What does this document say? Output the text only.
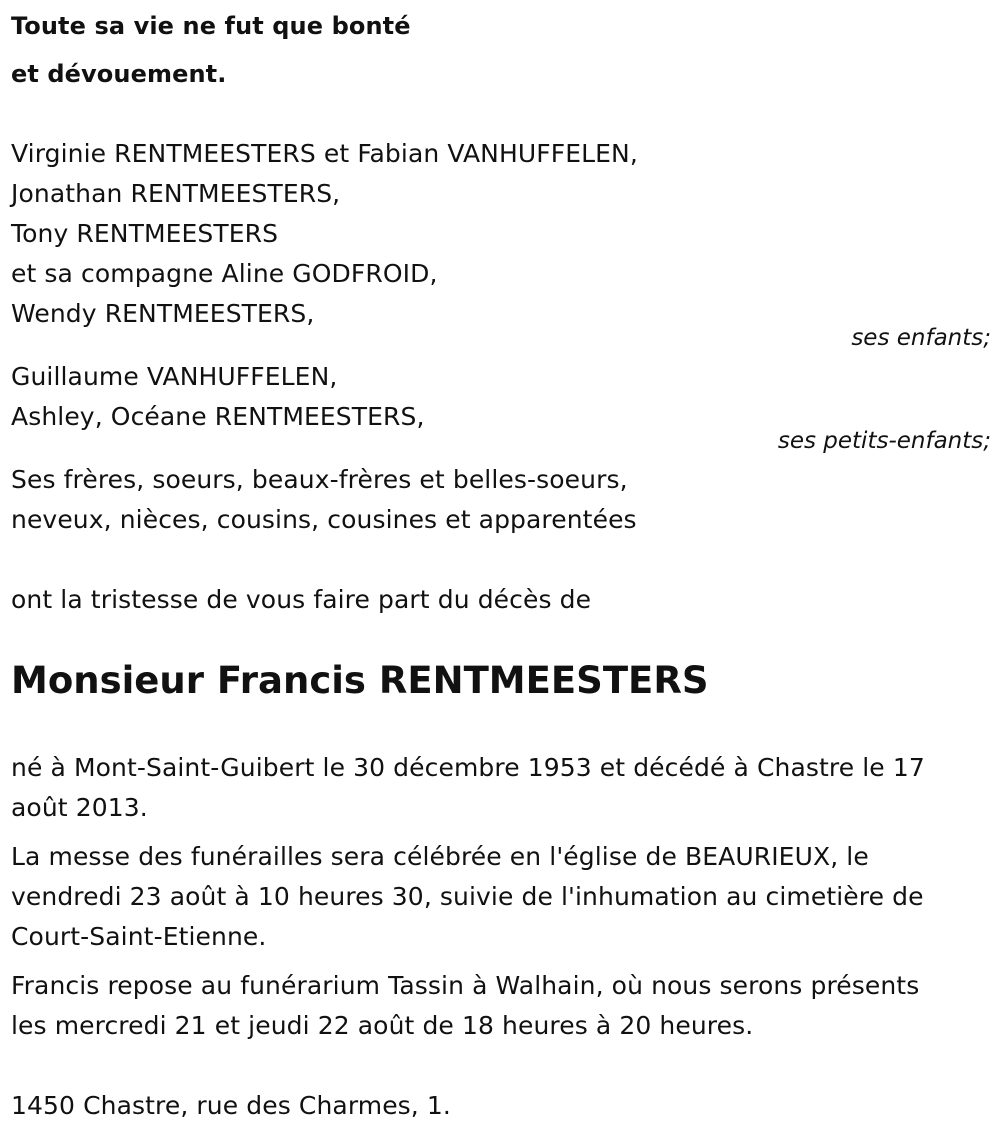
Toute sa vie ne fut que bonté
et dévouement.
Virginie RENTMEESTERS et Fabian VANHUFFELEN,
Jonathan RENTMEESTERS,
Tony RENTMEESTERS
et sa compagne Aline GODFROID,
Wendy RENTMEESTERS,
ses enfants;
Guillaume VANHUFFELEN,
Ashley, Océane RENTMEESTERS,
ses petits-enfants;
Ses frères, soeurs, beaux-frères et belles-soeurs,
neveux, nièces, cousins, cousines et apparentées
ont la tristesse de vous faire part du décès de
Monsieur Francis RENTMEESTERS
né à Mont-Saint-Guibert le 30 décembre 1953 et décédé à Chastre le 17
août 2013.
La messe des funérailles sera célébrée en l'église de BEAURIEUX, le
vendredi 23 août à 10 heures 30, suivie de l'inhumation au cimetière de
Court-Saint-Etienne.
Francis repose au funérarium Tassin à Walhain, où nous serons présents
les mercredi 21 et jeudi 22 août de 18 heures à 20 heures.
1450 Chastre, rue des Charmes, 1.
